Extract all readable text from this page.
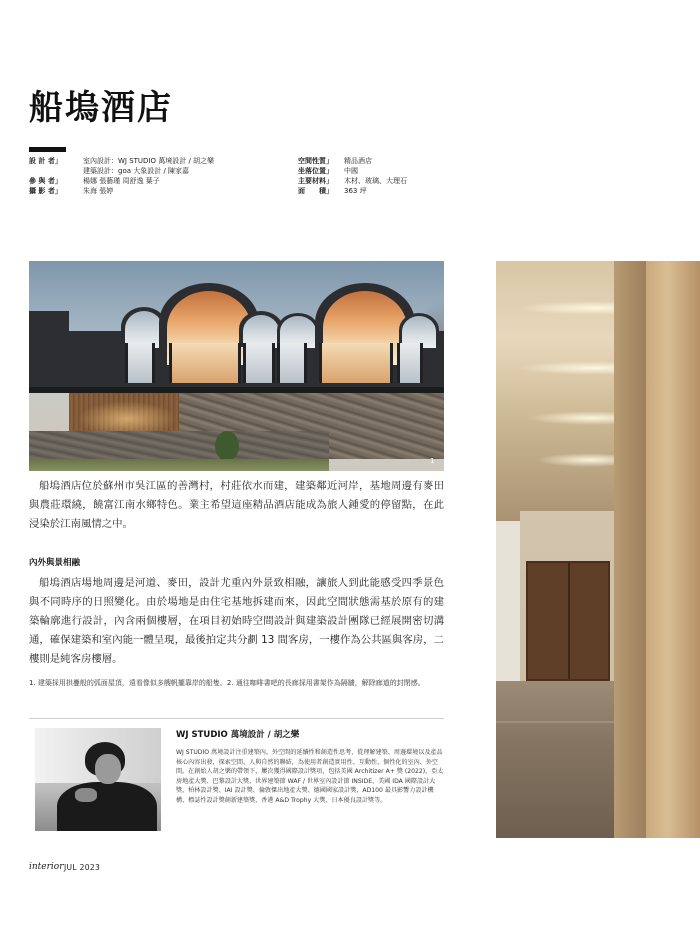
船塢酒店
設 計 者」	室內設計：WJ STUDIO 萬境設計 / 胡之樂
建築設計：goa 大象設計 / 陳家嘉
參 與 者」	楊娜 張藝瑾 周舒逸 葉子
攝 影 者」	朱海 張婷
空間性質」	精品酒店
坐落位置」	中國
主要材料」	木材、玻璃、大理石
面　　積」	363 坪
1

船塢酒店位於蘇州市吳江區的善灣村，村莊依水而建，建築鄰近河岸，基地周邊有麥田與農莊環繞，饒富江南水鄉特色。業主希望這座精品酒店能成為旅人鍾愛的停留點，在此浸染於江南風情之中。

內外與景相融

船塢酒店場地周邊是河道、麥田，設計尤重內外景致相融，讓旅人到此能感受四季景色與不同時序的日照變化。由於場地是由住宅基地拆建而來，因此空間狀態需基於原有的建築輪廓進行設計，內含兩個樓層，在項目初始時空間設計與建築設計團隊已經展開密切溝通，確保建築和室內能一體呈現，最後拍定共分劃 13 間客房，一樓作為公共區與客房，二樓則是純客房樓層。

1. 建築採用拱疊般的弧面屋頂，遠看像似多艘帆攏靠岸的船隻。2. 通往咖啡書吧的長廊採用書架作為隔牆，解除廊道的封閉感。
WJ STUDIO 萬境設計 / 胡之樂
WJ STUDIO 萬境設計注重建築內、外空間的延續性和創造性思考，從理解建築、周邊環境以及產品核心內容出發，探索空間、人與自然的聯結，為使用者創造實用性、互動性、個性化的室內、外空間。在創始人胡之樂的帶領下，屢次獲得國際設計獎項，包括美國 Architizer A+ 獎 (2022)、亞太房地產大獎、巴黎設計大獎、世界建築節 WAF / 世界室內設計節 INSIDE、美國 IDA 國際設計大獎、柏林設計獎、IAI 設計獎、倫敦傑出地產大獎、德國國家設計獎、AD100 最具影響力設計機構、標誌性設計獎創新建築獎、香港 A&D Trophy 大獎、日本優良設計獎等。
interior JUL 2023
